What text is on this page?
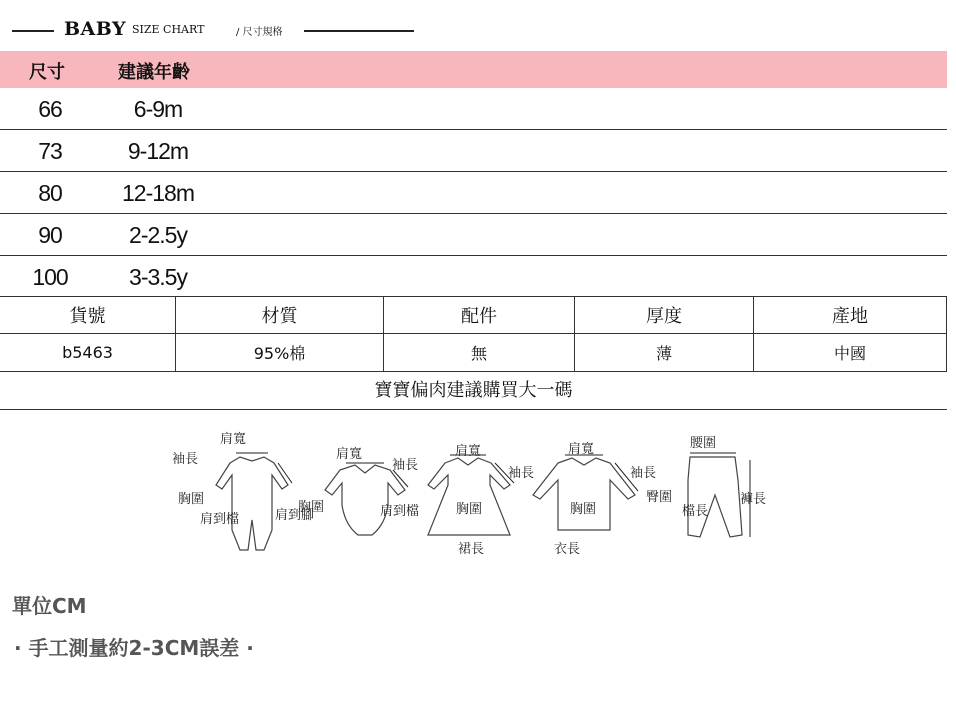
BABY SIZE CHART	/ 尺寸規格
尺寸	建議年齡
66	6-9m
73	9-12m
80	12-18m
90	2-2.5y
100	3-3.5y
貨號	材質	配件	厚度	產地
b5463	95%棉	無	薄	中國
寶寶偏肉建議購買大一碼
肩寬
袖長
胸圍
肩到檔	肩到腳
肩寬
袖長
胸圍	肩到檔
肩寬
袖長
胸圍
裙長
肩寬
袖長
胸圍
衣長
腰圍
臀圍
檔長
褲長
單位CM
· 手工測量約2-3CM誤差 ·
